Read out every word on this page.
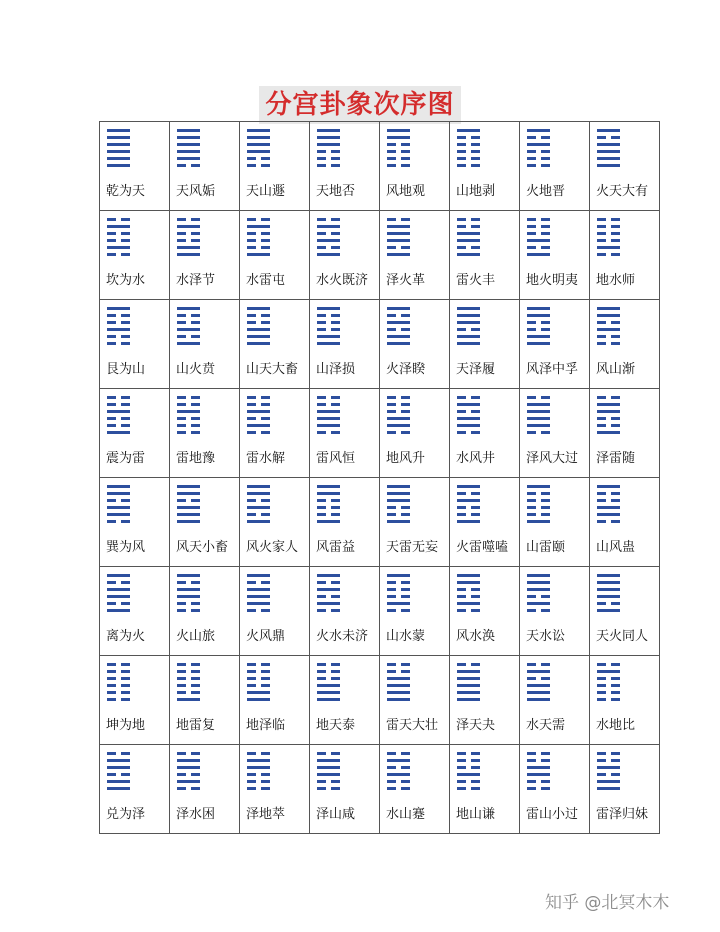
分宫卦象次序图
乾为天	天风姤	天山遯	天地否	风地观	山地剥	火地晋	火天大有

坎为水	水泽节	水雷屯	水火既济	泽火革	雷火丰	地火明夷	地水师

艮为山	山火贲	山天大畜	山泽损	火泽睽	天泽履	风泽中孚	风山渐

震为雷	雷地豫	雷水解	雷风恒	地风升	水风井	泽风大过	泽雷随

巽为风	风天小畜	风火家人	风雷益	天雷无妄	火雷噬嗑	山雷颐	山风蛊

离为火	火山旅	火风鼎	火水未济	山水蒙	风水涣	天水讼	天火同人

坤为地	地雷复	地泽临	地天泰	雷天大壮	泽天夬	水天需	水地比

兑为泽	泽水困	泽地萃	泽山咸	水山蹇	地山谦	雷山小过	雷泽归妹
知乎 @北冥木木
